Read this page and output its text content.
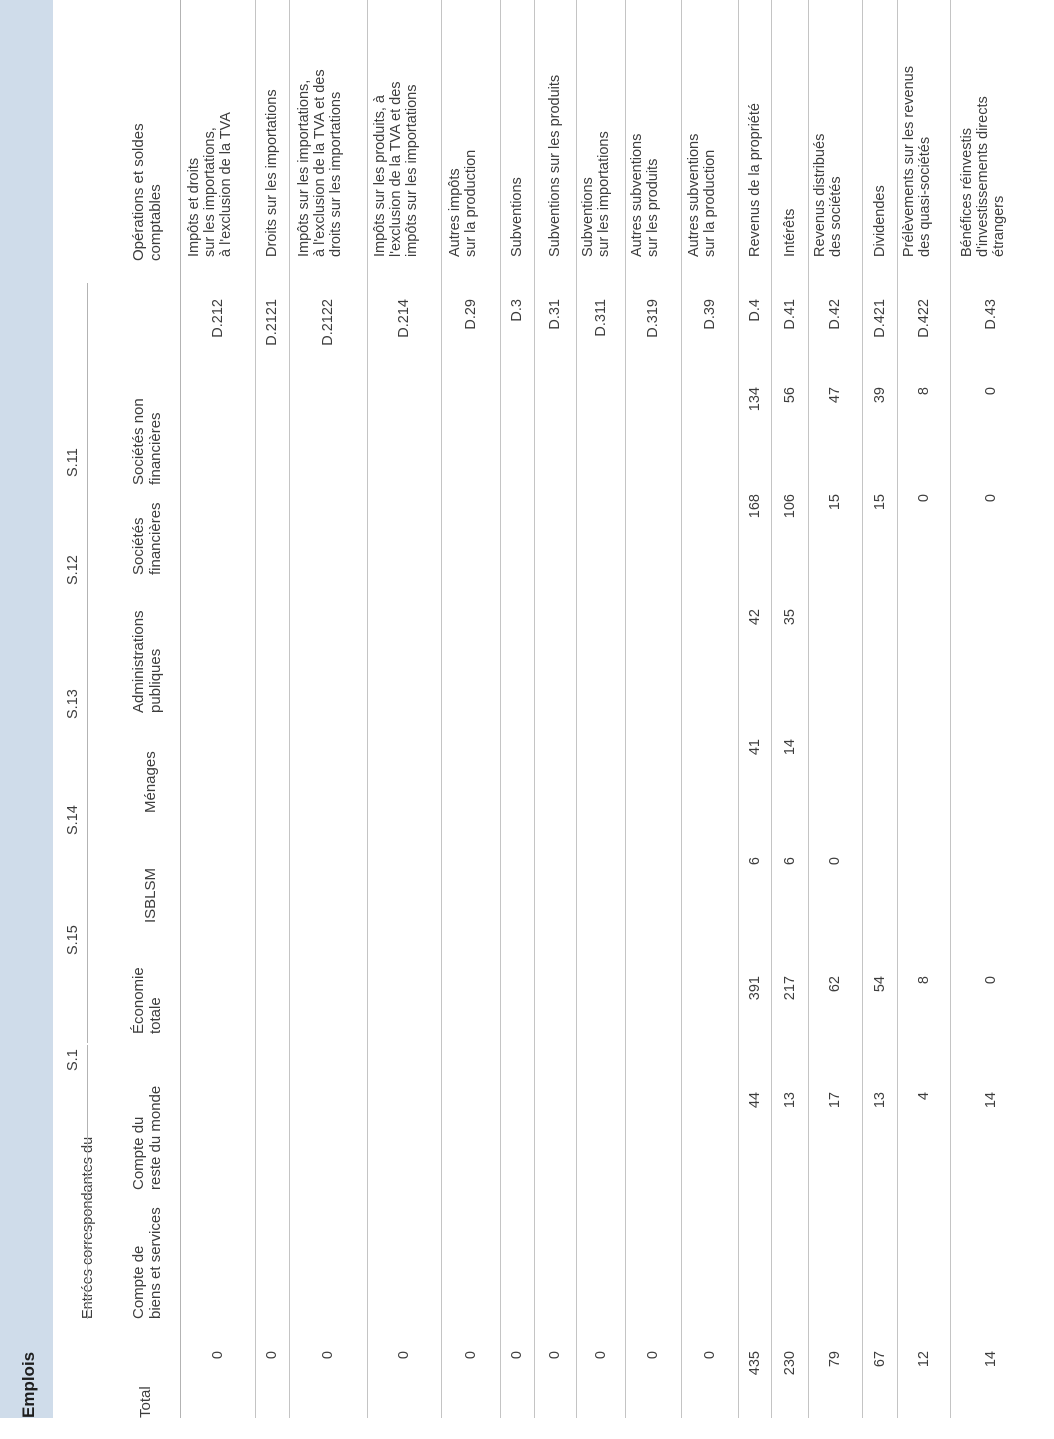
Emplois
Entrées correspondantes du
S.1
S.15
S.14
S.13
S.12
S.11
Total
Compte de biens et services
Compte du reste du monde
Économie totale
ISBLSM
Ménages
Administrations publiques
Sociétés financières
Sociétés non financières
Opérations et soldes comptables
0
D.212
Impôts et droits sur les importations, à l'exclusion de la TVA
0
D.2121
Droits sur les importations
0
D.2122
Impôts sur les importations, à l'exclusion de la TVA et des droits sur les importations
0
D.214
Impôts sur les produits, à l'exclusion de la TVA et des impôts sur les importations
0
D.29
Autres impôts sur la production
0
D.3
Subventions
0
D.31
Subventions sur les produits
0
D.311
Subventions sur les importations
0
D.319
Autres subventions sur les produits
0
D.39
Autres subventions sur la production
435
44
391
6
41
42
168
134
D.4
Revenus de la propriété
230
13
217
6
14
35
106
56
D.41
Intérêts
79
17
62
0
15
47
D.42
Revenus distribués des sociétés
67
13
54
15
39
D.421
Dividendes
12
4
8
0
8
D.422
Prélèvements sur les revenus des quasi-sociétés
14
14
0
0
0
D.43
Bénéfices réinvestis d'investissements directs étrangers
